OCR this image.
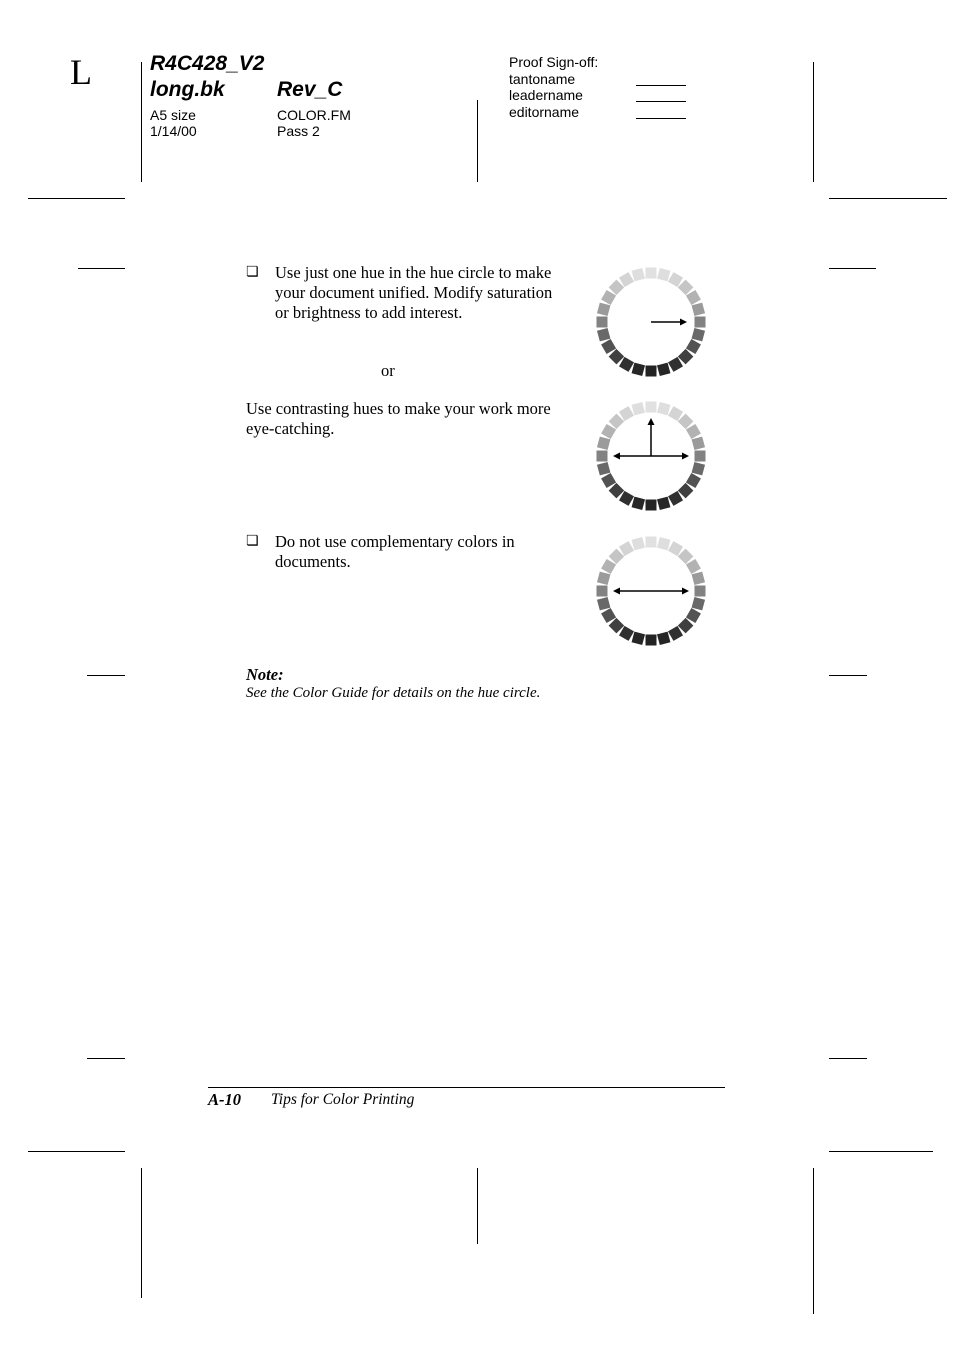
L	R4C428_V2
long.bk Rev_C
A5 size
1/14/00
COLOR.FM
Pass 2
Proof Sign-off:
tantoname
leadername
editorname
❏ Use just one hue in the hue circle to make your document unified. Modify saturation or brightness to add interest.
or
Use contrasting hues to make your work more eye-catching.
❏ Do not use complementary colors in documents.
Note:
See the Color Guide for details on the hue circle.
A-10 Tips for Color Printing
